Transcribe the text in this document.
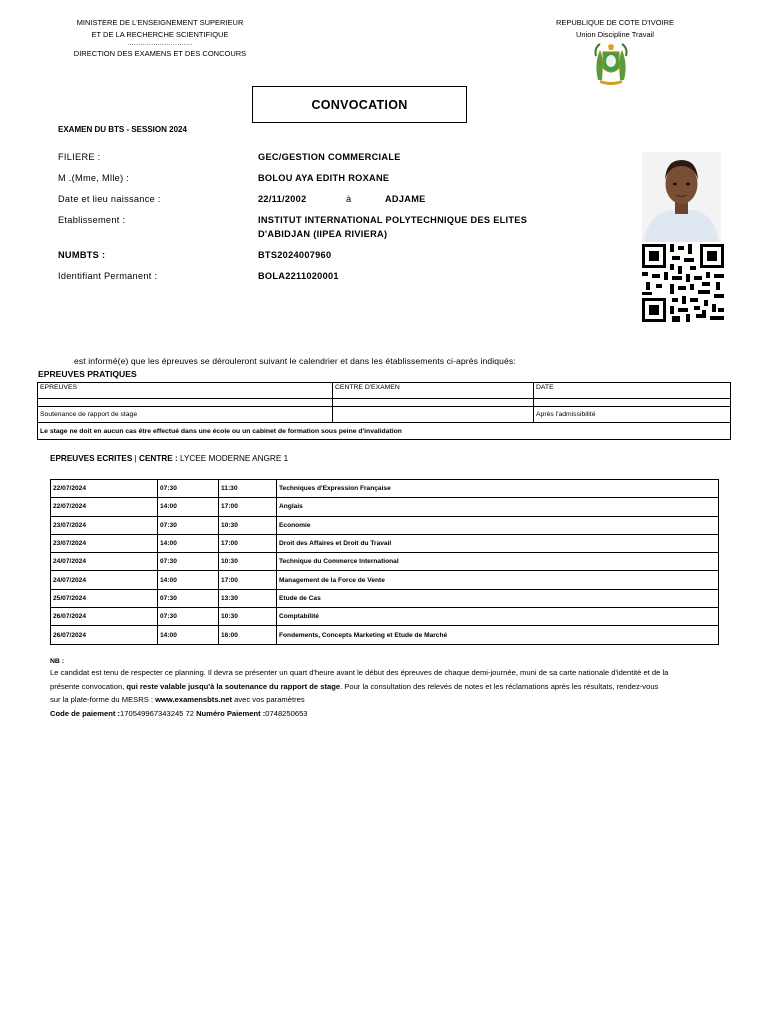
MINISTERE DE L'ENSEIGNEMENT SUPERIEUR
ET DE LA RECHERCHE SCIENTIFIQUE
..............................
DIRECTION DES EXAMENS ET DES CONCOURS
REPUBLIQUE DE COTE D'IVOIRE
Union Discipline Travail
CONVOCATION
EXAMEN DU BTS - SESSION 2024
FILIERE :	GEC/GESTION COMMERCIALE
M .(Mme, Mlle) :	BOLOU AYA EDITH ROXANE
Date et lieu naissance :	22/11/2002	à	ADJAME
Etablissement :	INSTITUT INTERNATIONAL POLYTECHNIQUE DES ELITES
D'ABIDJAN (IIPEA RIVIERA)
NUMBTS :	BTS2024007960
Identifiant Permanent :	BOLA2211020001
est informé(e) que les épreuves se dérouleront suivant le calendrier et dans les établissements ci-après indiqués:
EPREUVES PRATIQUES
EPREUVES	CENTRE D'EXAMEN	DATE

Soutenance de rapport de stage		Après l'admissibilité
Le stage ne doit en aucun cas être effectué dans une école ou un cabinet de formation sous peine d'invalidation		
EPREUVES ECRITES | CENTRE : LYCEE MODERNE ANGRE 1
22/07/2024	07:30	11:30	Techniques d'Expression Française
22/07/2024	14:00	17:00	Anglais
23/07/2024	07:30	10:30	Economie
23/07/2024	14:00	17:00	Droit des Affaires et Droit du Travail
24/07/2024	07:30	10:30	Technique du Commerce International
24/07/2024	14:00	17:00	Management de la Force de Vente
25/07/2024	07:30	13:30	Etude de Cas
26/07/2024	07:30	10:30	Comptabilité
26/07/2024	14:00	16:00	Fondements, Concepts Marketing et Etude de Marché
NB :
Le candidat est tenu de respecter ce planning. Il devra se présenter un quart d'heure avant le début des épreuves de chaque demi-journée, muni de sa carte nationale d'identité et de la présente convocation, qui reste valable jusqu'à la soutenance du rapport de stage. Pour la consultation des relevés de notes et les réclamations après les résultats, rendez-vous sur la plate-forme du MESRS : www.examensbts.net avec vos paramètres
Code de paiement :170549967343245 72 Numéro Paiement :0748250653
